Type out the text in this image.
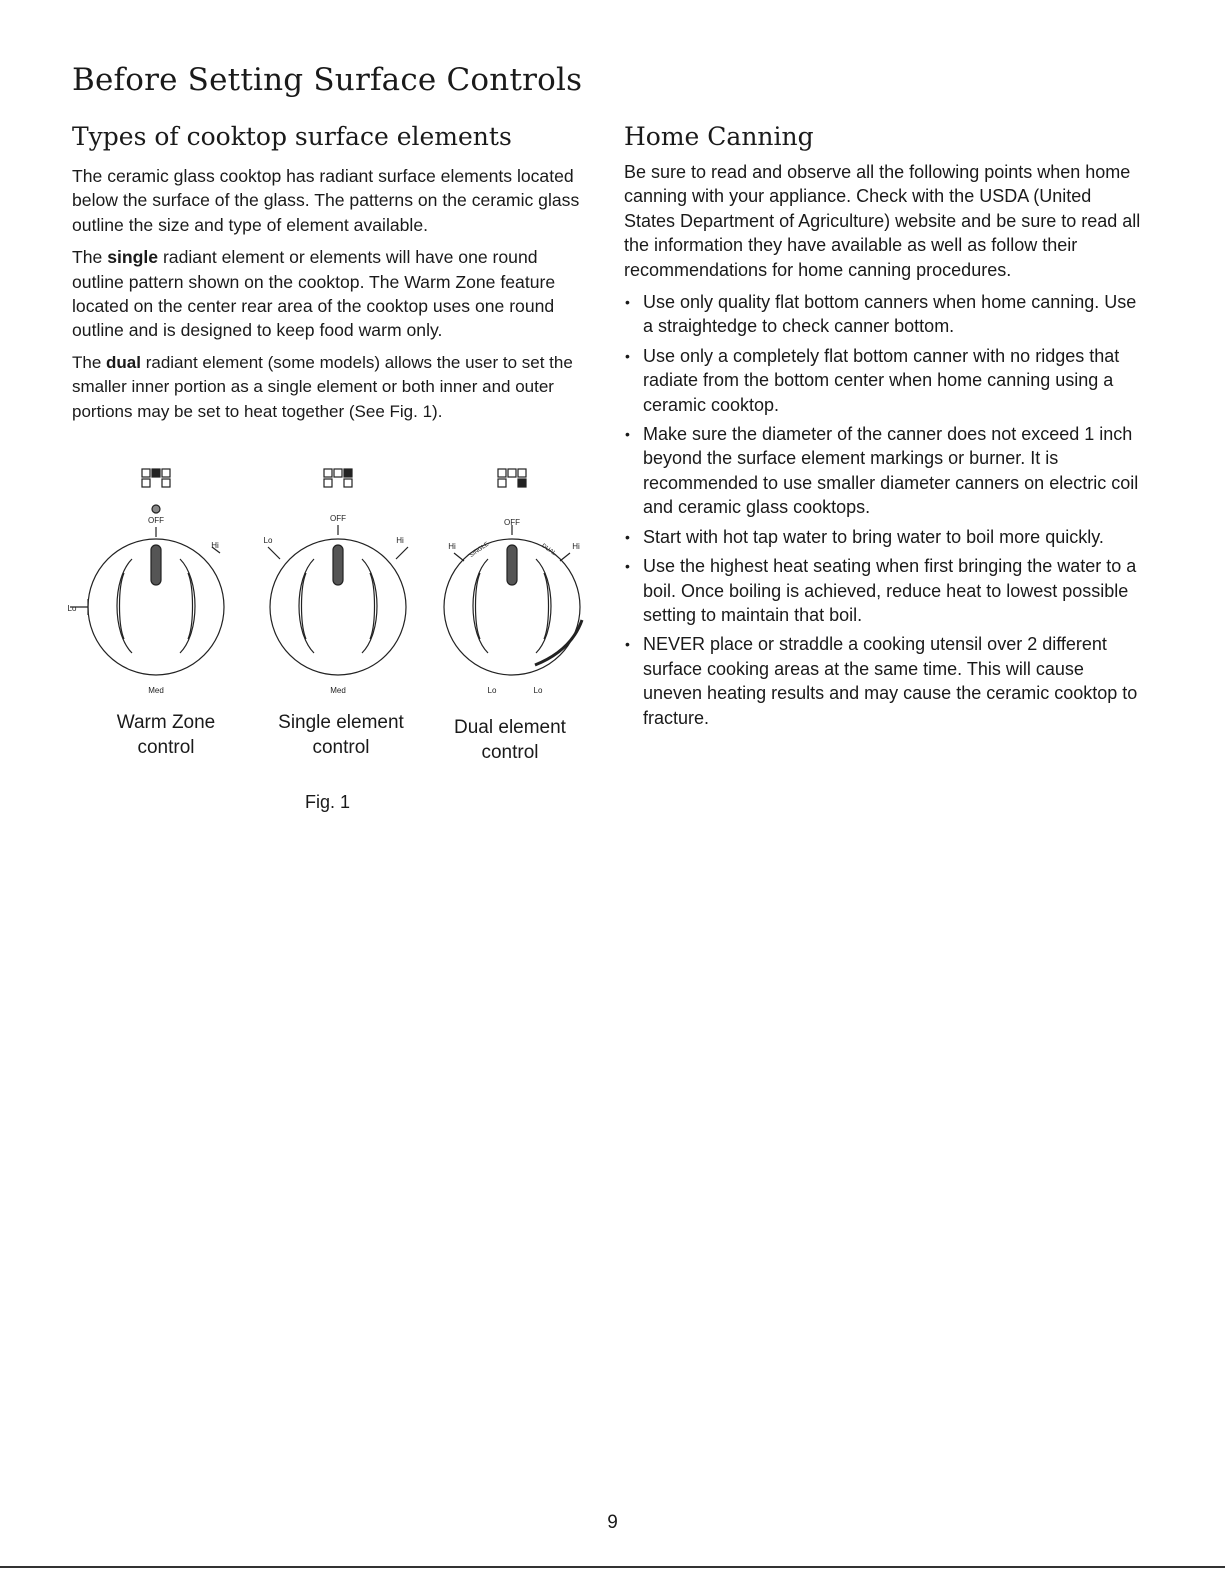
Before Setting Surface Controls
Types of cooktop surface elements

The ceramic glass cooktop has radiant surface elements located below the surface of the glass. The patterns on the ceramic glass outline the size and type of element available.

The single radiant element or elements will have one round outline pattern shown on the cooktop. The Warm Zone feature located on the center rear area of the cooktop uses one round outline and is designed to keep food warm only.

The dual radiant element (some models) allows the user to set the smaller inner portion as a single element or both inner and outer portions may be set to heat together (See Fig. 1).

OFF
Hi
Lo
Med
OFF
Lo	Hi
Med
OFF
Hi	Hi
SINGLE	DUAL
Lo	Lo
Warm Zone
control
Single element
control
Dual element
control
Fig. 1
Home Canning

Be sure to read and observe all the following points when home canning with your appliance. Check with the USDA (United States Department of Agriculture) website and be sure to read all the information they have available as well as follow their recommendations for home canning procedures.

• Use only quality flat bottom canners when home canning. Use a straightedge to check canner bottom.
• Use only a completely flat bottom canner with no ridges that radiate from the bottom center when home canning using a ceramic cooktop.
• Make sure the diameter of the canner does not exceed 1 inch beyond the surface element markings or burner. It is recommended to use smaller diameter canners on electric coil and ceramic glass cooktops.
• Start with hot tap water to bring water to boil more quickly.
• Use the highest heat seating when first bringing the water to a boil. Once boiling is achieved, reduce heat to lowest possible setting to maintain that boil.
• NEVER place or straddle a cooking utensil over 2 different surface cooking areas at the same time. This will cause uneven heating results and may cause the ceramic cooktop to fracture.
9
